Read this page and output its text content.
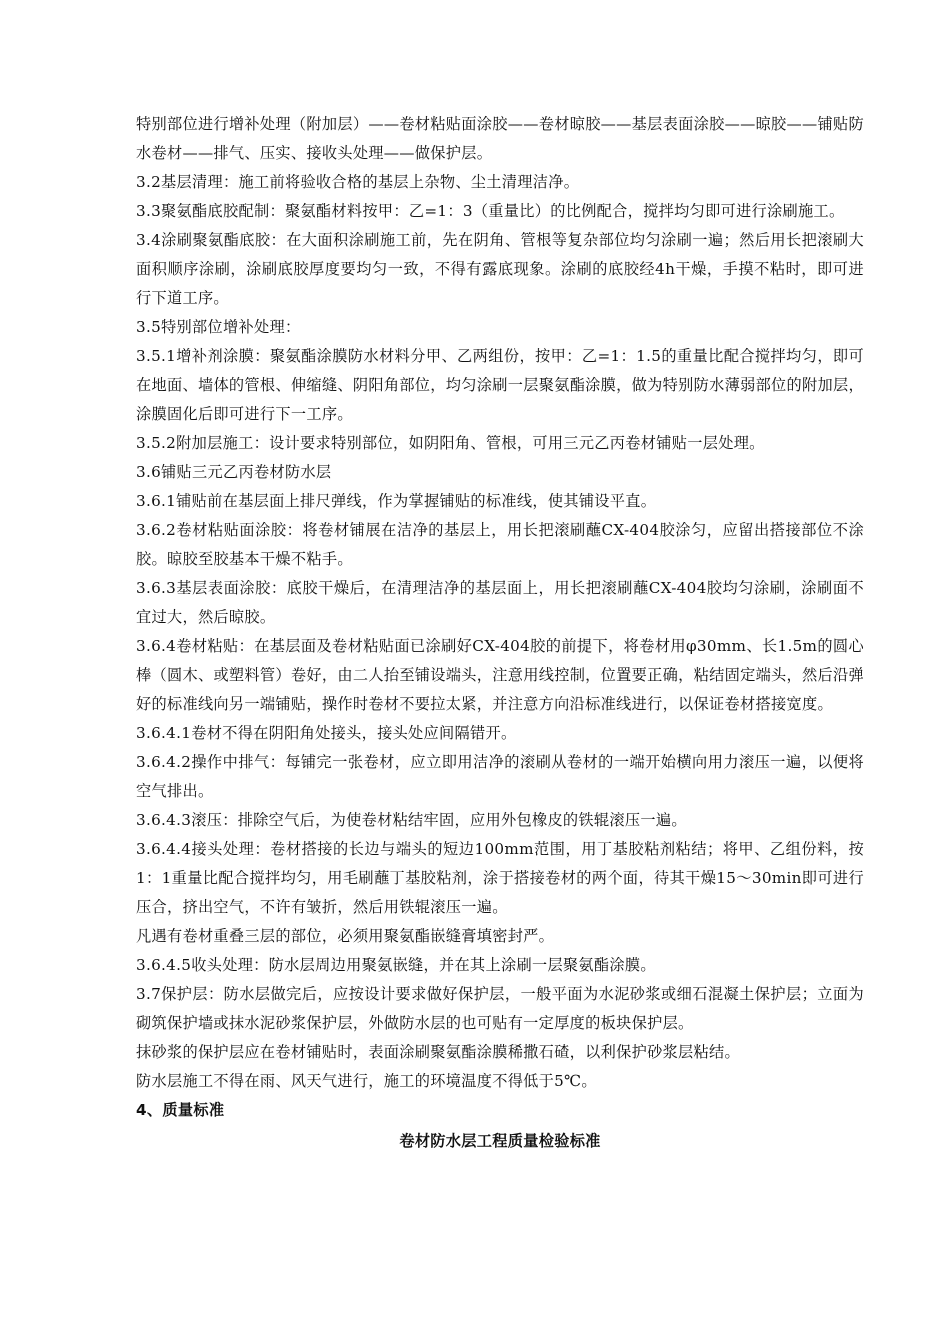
特别部位进行增补处理（附加层）——卷材粘贴面涂胶——卷材晾胶——基层表面涂胶——晾胶——铺贴防水卷材——排气、压实、接收头处理——做保护层。

3.2基层清理：施工前将验收合格的基层上杂物、尘土清理洁净。

3.3聚氨酯底胶配制：聚氨酯材料按甲：乙=1：3（重量比）的比例配合，搅拌均匀即可进行涂刷施工。

3.4涂刷聚氨酯底胶：在大面积涂刷施工前，先在阴角、管根等复杂部位均匀涂刷一遍；然后用长把滚刷大面积顺序涂刷，涂刷底胶厚度要均匀一致，不得有露底现象。涂刷的底胶经4h干燥，手摸不粘时，即可进行下道工序。

3.5特别部位增补处理：

3.5.1增补剂涂膜：聚氨酯涂膜防水材料分甲、乙两组份，按甲：乙=1：1.5的重量比配合搅拌均匀，即可在地面、墙体的管根、伸缩缝、阴阳角部位，均匀涂刷一层聚氨酯涂膜，做为特别防水薄弱部位的附加层，涂膜固化后即可进行下一工序。

3.5.2附加层施工：设计要求特别部位，如阴阳角、管根，可用三元乙丙卷材铺贴一层处理。

3.6铺贴三元乙丙卷材防水层

3.6.1铺贴前在基层面上排尺弹线，作为掌握铺贴的标准线，使其铺设平直。

3.6.2卷材粘贴面涂胶：将卷材铺展在洁净的基层上，用长把滚刷蘸CX-404胶涂匀，应留出搭接部位不涂胶。晾胶至胶基本干燥不粘手。

3.6.3基层表面涂胶：底胶干燥后，在清理洁净的基层面上，用长把滚刷蘸CX-404胶均匀涂刷，涂刷面不宜过大，然后晾胶。

3.6.4卷材粘贴：在基层面及卷材粘贴面已涂刷好CX-404胶的前提下，将卷材用φ30mm、长1.5m的圆心棒（圆木、或塑料管）卷好，由二人抬至铺设端头，注意用线控制，位置要正确，粘结固定端头，然后沿弹好的标准线向另一端铺贴，操作时卷材不要拉太紧，并注意方向沿标准线进行，以保证卷材搭接宽度。

3.6.4.1卷材不得在阴阳角处接头，接头处应间隔错开。

3.6.4.2操作中排气：每铺完一张卷材，应立即用洁净的滚刷从卷材的一端开始横向用力滚压一遍，以便将空气排出。

3.6.4.3滚压：排除空气后，为使卷材粘结牢固，应用外包橡皮的铁辊滚压一遍。

3.6.4.4接头处理：卷材搭接的长边与端头的短边100mm范围，用丁基胶粘剂粘结；将甲、乙组份料，按1：1重量比配合搅拌均匀，用毛刷蘸丁基胶粘剂，涂于搭接卷材的两个面，待其干燥15～30min即可进行压合，挤出空气，不许有皱折，然后用铁辊滚压一遍。

凡遇有卷材重叠三层的部位，必须用聚氨酯嵌缝膏填密封严。

3.6.4.5收头处理：防水层周边用聚氨嵌缝，并在其上涂刷一层聚氨酯涂膜。

3.7保护层：防水层做完后，应按设计要求做好保护层，一般平面为水泥砂浆或细石混凝土保护层；立面为砌筑保护墙或抹水泥砂浆保护层，外做防水层的也可贴有一定厚度的板块保护层。

抹砂浆的保护层应在卷材铺贴时，表面涂刷聚氨酯涂膜稀撒石碴，以利保护砂浆层粘结。

防水层施工不得在雨、风天气进行，施工的环境温度不得低于5℃。

4、质量标准

卷材防水层工程质量检验标准
